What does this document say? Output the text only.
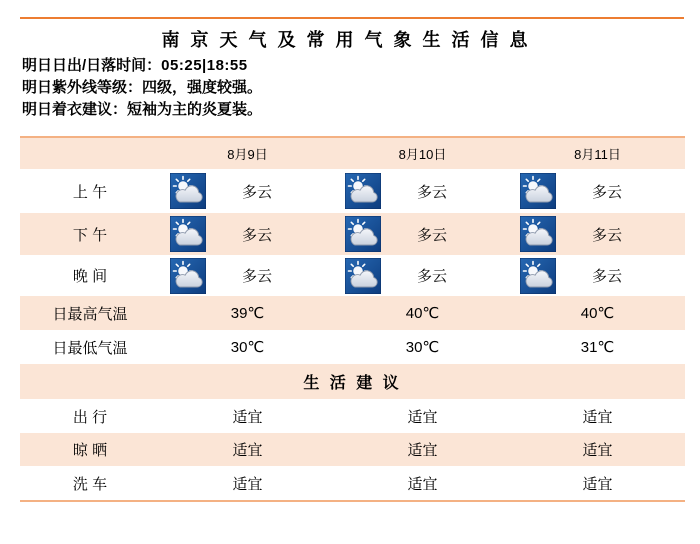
南京天气及常用气象生活信息

明日日出/日落时间：05:25|18:55

明日紫外线等级：四级，强度较强。

明日着衣建议：短袖为主的炎夏装。

8月9日	8月10日	8月11日
上 午	多云	多云	多云
下 午	多云	多云	多云
晚 间	多云	多云	多云
日最高气温	39℃	40℃	40℃
日最低气温	30℃	30℃	31℃
生 活 建 议
出 行	适宜	适宜	适宜
晾 晒	适宜	适宜	适宜
洗 车	适宜	适宜	适宜
